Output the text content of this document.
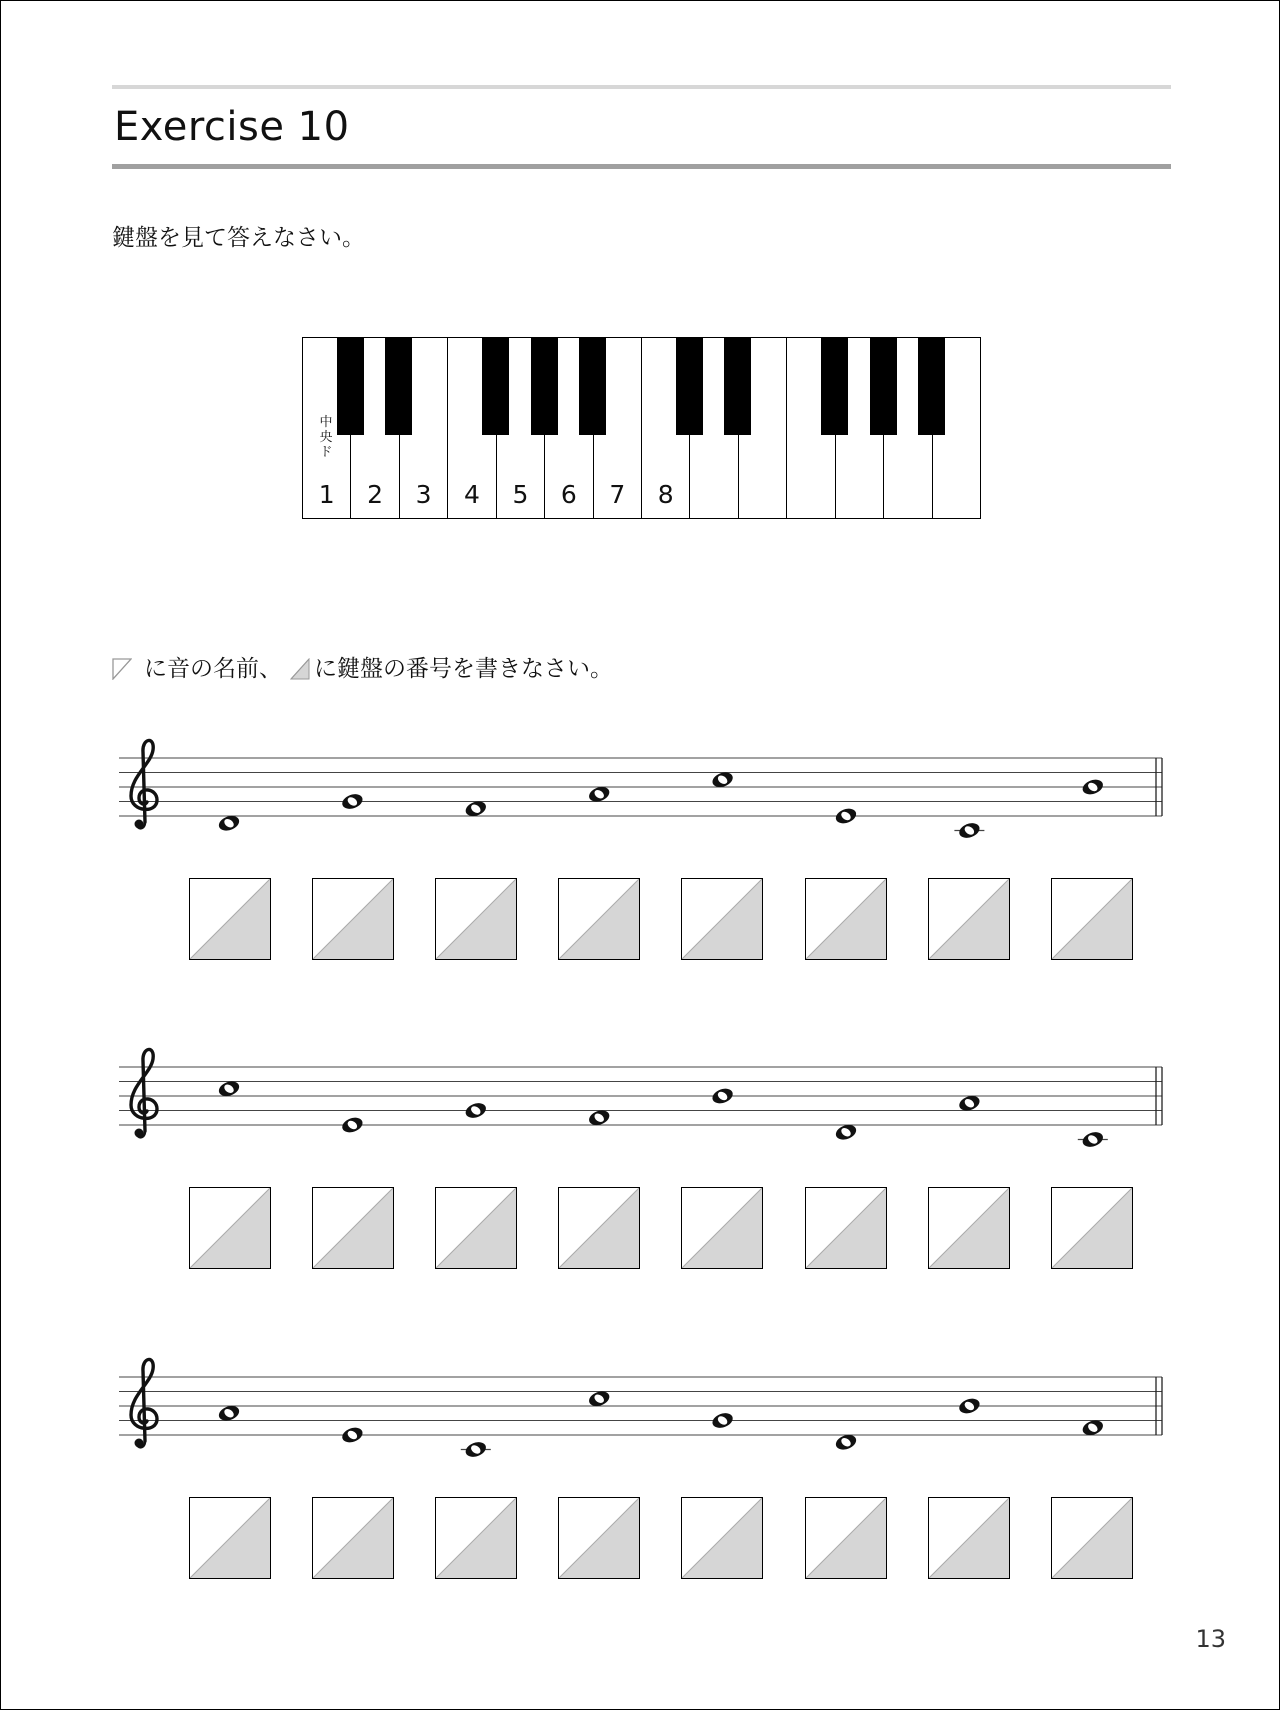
Exercise 10
鍵盤を見て答えなさい。
中央ド
1	2	3	4	5	6	7	8
に音の名前、 に鍵盤の番号を書きなさい。
13
